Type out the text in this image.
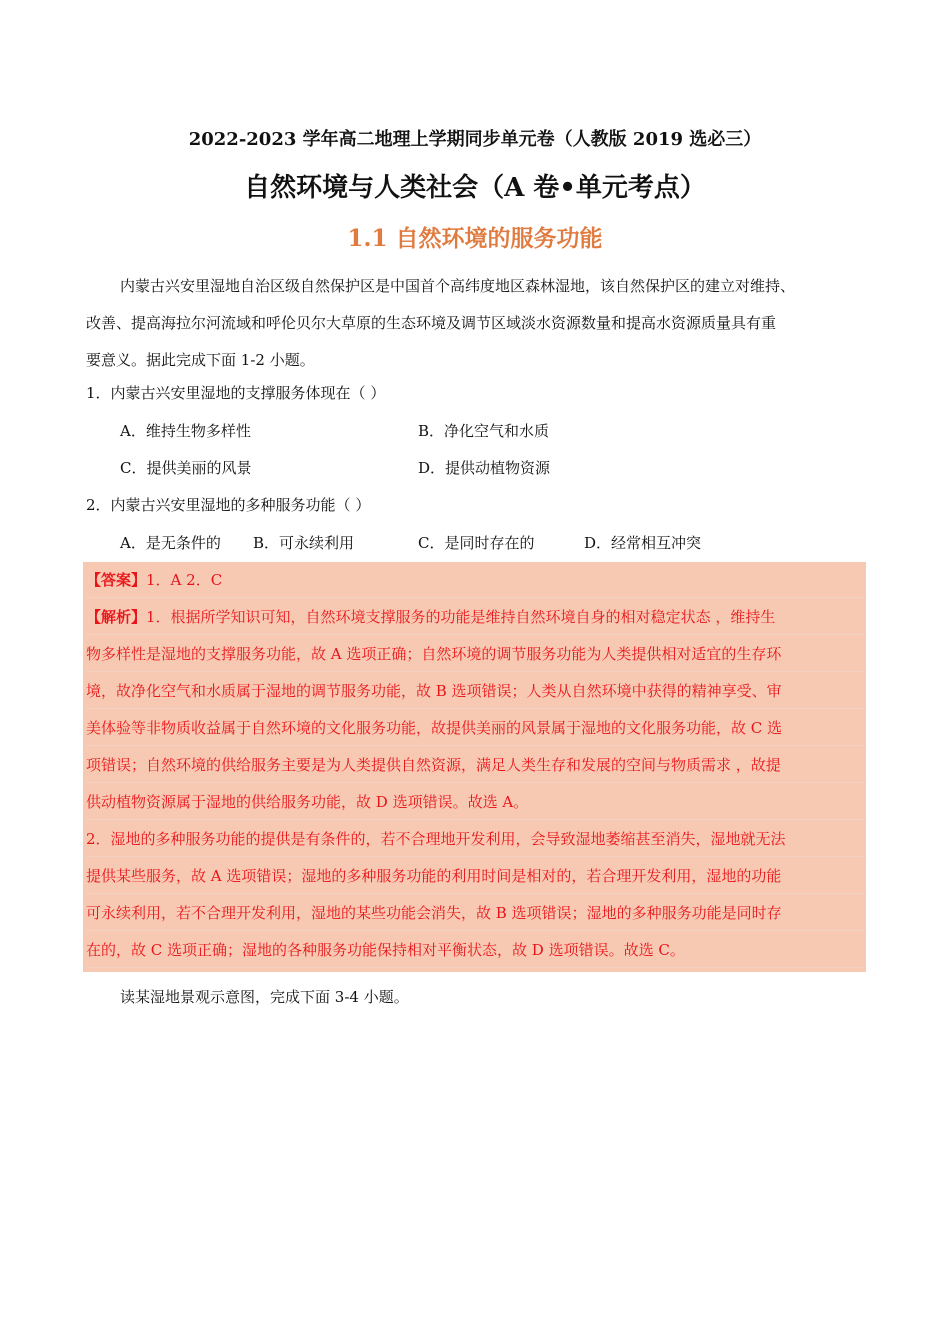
2022-2023 学年高二地理上学期同步单元卷（人教版 2019 选必三）
自然环境与人类社会（A 卷•单元考点）
1.1 自然环境的服务功能
内蒙古兴安里湿地自治区级自然保护区是中国首个高纬度地区森林湿地，该自然保护区的建立对维持、
改善、提高海拉尔河流域和呼伦贝尔大草原的生态环境及调节区域淡水资源数量和提高水资源质量具有重
要意义。据此完成下面 1-2 小题。
1．内蒙古兴安里湿地的支撑服务体现在（ ）
A．维持生物多样性	B．净化空气和水质
C．提供美丽的风景	D．提供动植物资源
2．内蒙古兴安里湿地的多种服务功能（ ）
A．是无条件的 B．可永续利用	C．是同时存在的	D．经常相互冲突
【答案】1．A 2．C
【解析】1．根据所学知识可知，自然环境支撑服务的功能是维持自然环境自身的相对稳定状态 ，维持生
物多样性是湿地的支撑服务功能，故 A 选项正确；自然环境的调节服务功能为人类提供相对适宜的生存环
境，故净化空气和水质属于湿地的调节服务功能，故 B 选项错误；人类从自然环境中获得的精神享受、审
美体验等非物质收益属于自然环境的文化服务功能，故提供美丽的风景属于湿地的文化服务功能，故 C 选
项错误；自然环境的供给服务主要是为人类提供自然资源，满足人类生存和发展的空间与物质需求 ，故提
供动植物资源属于湿地的供给服务功能，故 D 选项错误。故选 A。
2．湿地的多种服务功能的提供是有条件的，若不合理地开发利用，会导致湿地萎缩甚至消失，湿地就无法
提供某些服务，故 A 选项错误；湿地的多种服务功能的利用时间是相对的，若合理开发利用，湿地的功能
可永续利用，若不合理开发利用，湿地的某些功能会消失，故 B 选项错误；湿地的多种服务功能是同时存
在的，故 C 选项正确；湿地的各种服务功能保持相对平衡状态，故 D 选项错误。故选 C。
读某湿地景观示意图，完成下面 3-4 小题。
